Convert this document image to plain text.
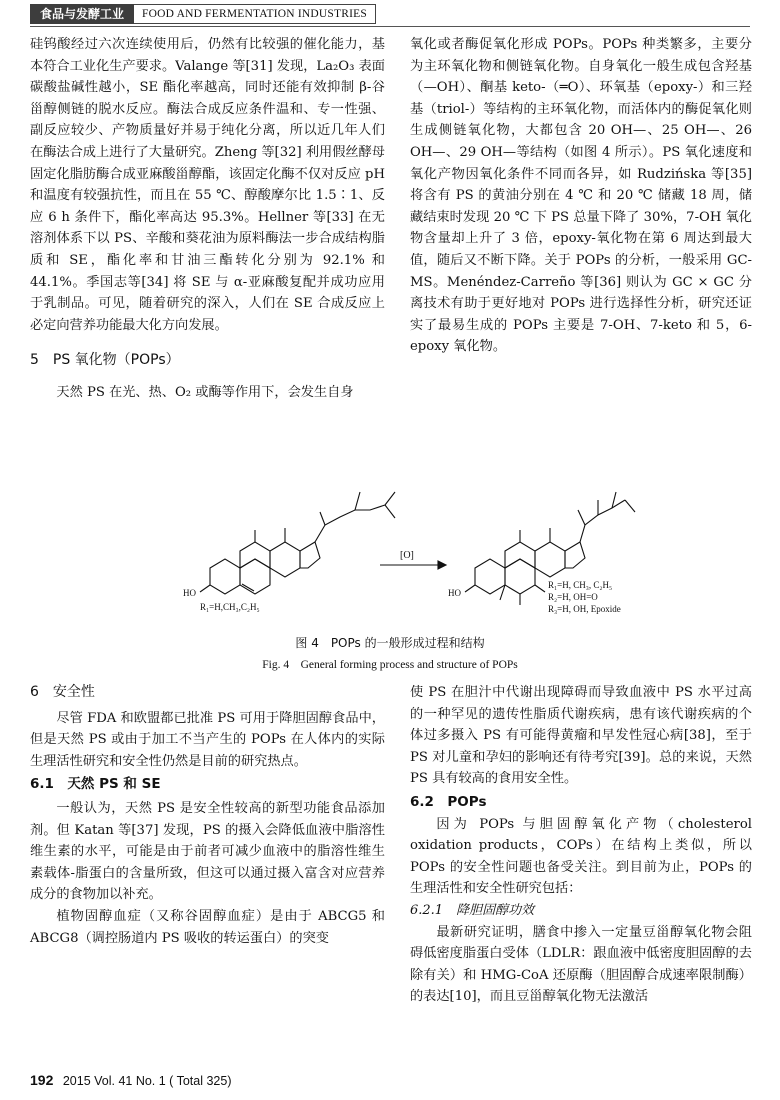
食品与发酵工业	FOOD AND FERMENTATION INDUSTRIES

硅钨酸经过六次连续使用后，仍然有比较强的催化能力，基本符合工业化生产要求。Valange 等[31] 发现，La₂O₃ 表面碳酸盐碱性越小，SE 酯化率越高，同时还能有效抑制 β-谷甾醇侧链的脱水反应。酶法合成反应条件温和、专一性强、副反应较少、产物质量好并易于纯化分离，所以近几年人们在酶法合成上进行了大量研究。Zheng 等[32] 利用假丝酵母固定化脂肪酶合成亚麻酸甾醇酯，该固定化酶不仅对反应 pH 和温度有较强抗性，而且在 55 ℃、醇酸摩尔比 1.5∶1、反应 6 h 条件下，酯化率高达 95.3%。Hellner 等[33] 在无溶剂体系下以 PS、辛酸和葵花油为原料酶法一步合成结构脂质和 SE，酯化率和甘油三酯转化分别为 92.1% 和 44.1%。季国志等[34] 将 SE 与 α-亚麻酸复配并成功应用于乳制品。可见，随着研究的深入，人们在 SE 合成反应上必定向营养功能最大化方向发展。

5　PS 氧化物（POPs）

天然 PS 在光、热、O₂ 或酶等作用下，会发生自身

氧化或者酶促氧化形成 POPs。POPs 种类繁多，主要分为主环氧化物和侧链氧化物。自身氧化一般生成包含羟基（—OH）、酮基 keto-（═O）、环氧基（epoxy-）和三羟基（triol-）等结构的主环氧化物，而活体内的酶促氧化则生成侧链氧化物，大都包含 20 OH—、25 OH—、26 OH—、29 OH—等结构（如图 4 所示）。PS 氧化速度和氧化产物因氧化条件不同而各异，如 Rudzińska 等[35] 将含有 PS 的黄油分别在 4 ℃ 和 20 ℃ 储藏 18 周，储藏结束时发现 20 ℃ 下 PS 总量下降了 30%，7-OH 氧化物含量却上升了 3 倍，epoxy-氧化物在第 6 周达到最大值，随后又不断下降。关于 POPs 的分析，一般采用 GC-MS。Menéndez-Carreño 等[36] 则认为 GC × GC 分离技术有助于更好地对 POPs 进行选择性分析，研究还证实了最易生成的 POPs 主要是 7-OH、7-keto 和 5，6-epoxy 氧化物。

HO	HO
[O]
R₁=H,CH₃,C₂H₅
R₁=H, CH₃, C₂H₅
R₂=H, OH=O
R₃=H, OH, Epoxide
图 4　POPs 的一般形成过程和结构
Fig. 4　General forming process and structure of POPs

6　安全性

尽管 FDA 和欧盟都已批准 PS 可用于降胆固醇食品中，但是天然 PS 或由于加工不当产生的 POPs 在人体内的实际生理活性研究和安全性仍然是目前的研究热点。

6.1　天然 PS 和 SE

一般认为，天然 PS 是安全性较高的新型功能食品添加剂。但 Katan 等[37] 发现，PS 的摄入会降低血液中脂溶性维生素的水平，可能是由于前者可减少血液中的脂溶性维生素载体-脂蛋白的含量所致，但这可以通过摄入富含对应营养成分的食物加以补充。

植物固醇血症（又称谷固醇血症）是由于 ABCG5 和 ABCG8（调控肠道内 PS 吸收的转运蛋白）的突变

使 PS 在胆汁中代谢出现障碍而导致血液中 PS 水平过高的一种罕见的遗传性脂质代谢疾病，患有该代谢疾病的个体过多摄入 PS 有可能得黄瘤和早发性冠心病[38]，至于 PS 对儿童和孕妇的影响还有待考究[39]。总的来说，天然 PS 具有较高的食用安全性。

6.2　POPs

因为 POPs 与胆固醇氧化产物（cholesterol oxidation products，COPs）在结构上类似，所以 POPs 的安全性问题也备受关注。到目前为止，POPs 的生理活性和安全性研究包括：

6.2.1　降胆固醇功效

最新研究证明，膳食中掺入一定量豆甾醇氧化物会阻碍低密度脂蛋白受体（LDLR：跟血液中低密度胆固醇的去除有关）和 HMG-CoA 还原酶（胆固醇合成速率限制酶）的表达[10]，而且豆甾醇氧化物无法激活

192 2015 Vol. 41 No. 1 ( Total 325)
